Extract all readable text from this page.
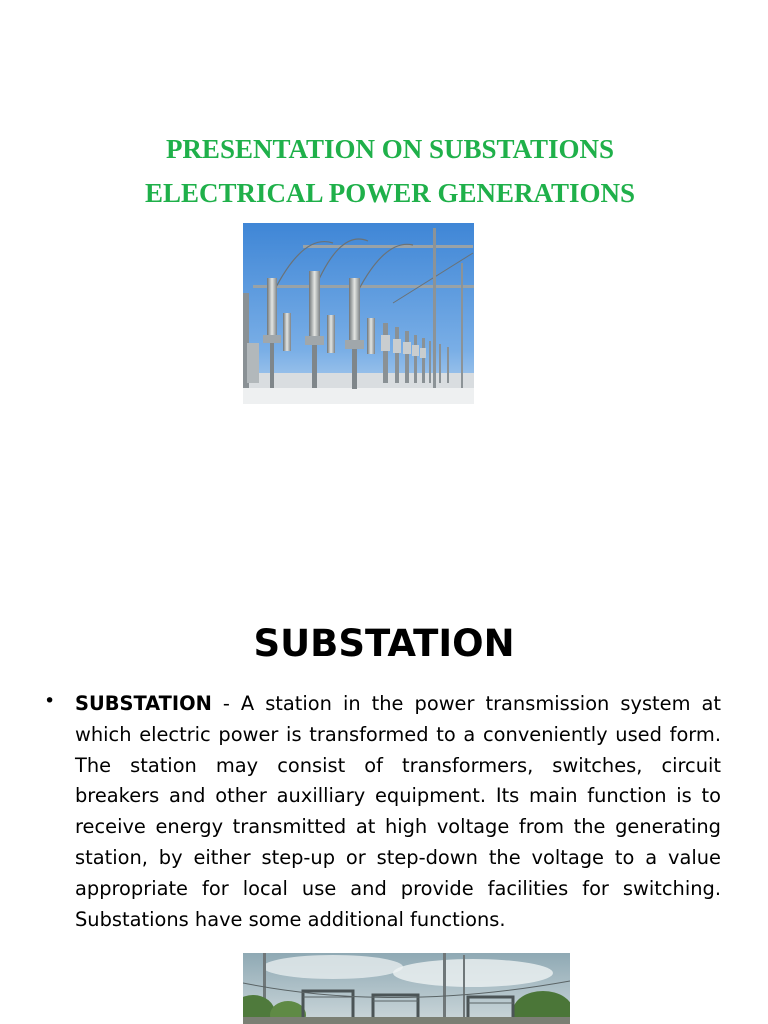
PRESENTATION ON SUBSTATIONS
ELECTRICAL POWER GENERATIONS
SUBSTATION
• SUBSTATION - A station in the power transmission system at which electric power is transformed to a conveniently used form. The station may consist of transformers, switches, circuit breakers and other auxilliary equipment. Its main function is to receive energy transmitted at high voltage from the generating station, by either step-up or step-down the voltage to a value appropriate for local use and provide facilities for switching. Substations have some additional functions.
